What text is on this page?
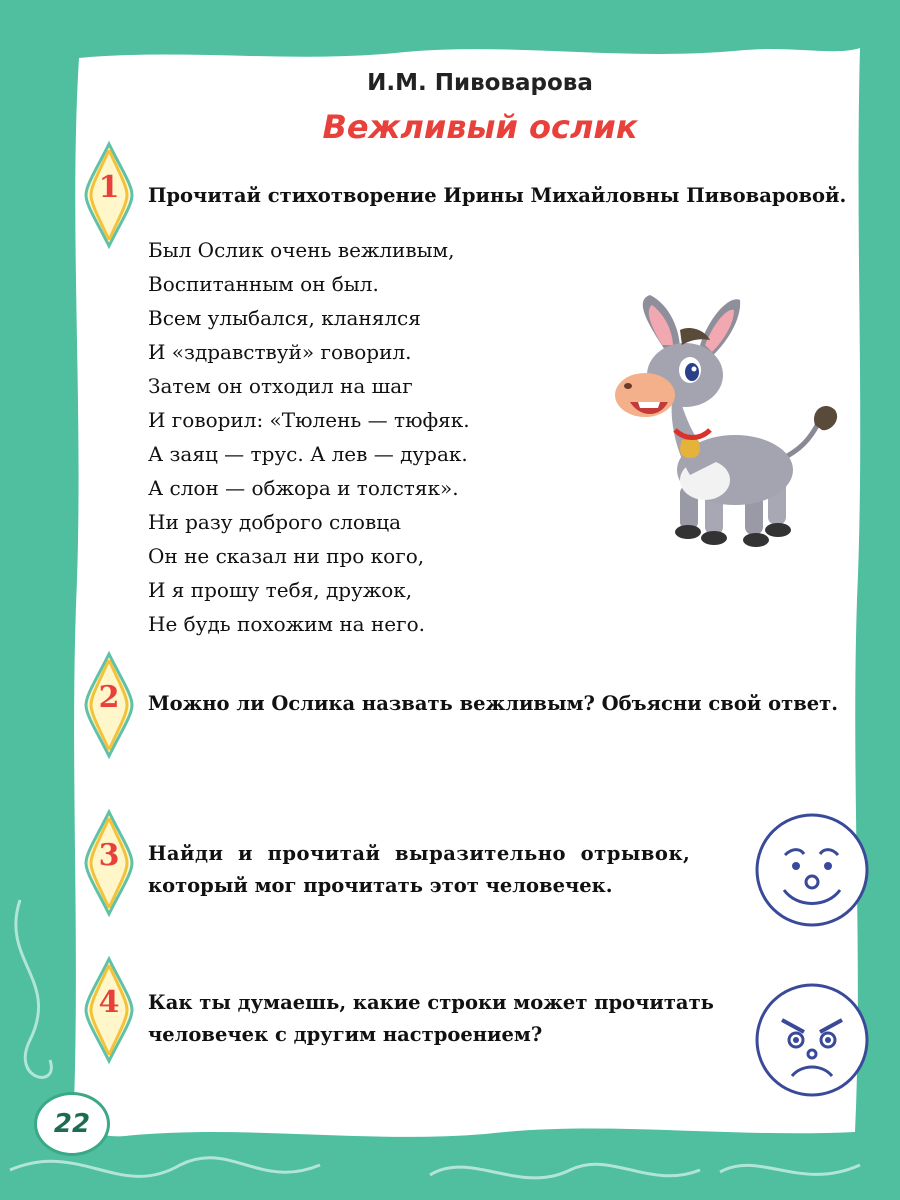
И.М. Пивоварова
Вежливый ослик
1	Прочитай стихотворение Ирины Михайловны Пивоваровой.
Был Ослик очень вежливым,
Воспитанным он был.
Всем улыбался, кланялся
И «здравствуй» говорил.
Затем он отходил на шаг
И говорил: «Тюлень — тюфяк.
А заяц — трус. А лев — дурак.
А слон — обжора и толстяк».
Ни разу доброго словца
Он не сказал ни про кого,
И я прошу тебя, дружок,
Не будь похожим на него.
2	Можно ли Ослика назвать вежливым? Объясни свой ответ.
3	Найди  и  прочитай  выразительно  отрывок,
который мог прочитать этот человечек.
4	Как ты думаешь, какие строки может прочитать
человечек с другим настроением?
22
